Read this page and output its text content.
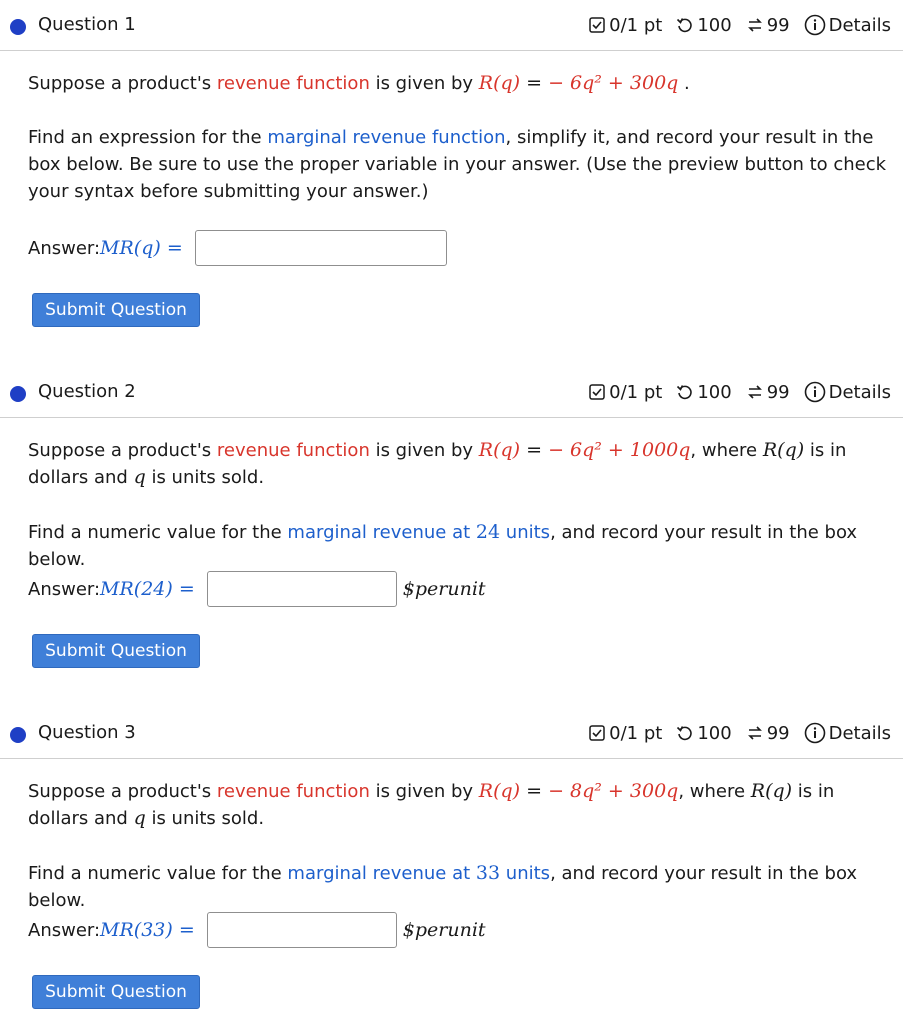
Question 1	0/1 pt 100 99 Details
Suppose a product's revenue function is given by R(q) = − 6q² + 300q .
Find an expression for the marginal revenue function, simplify it, and record your result in the box below. Be sure to use the proper variable in your answer. (Use the preview button to check your syntax before submitting your answer.)
Answer: MR(q) =
Submit Question
Question 2	0/1 pt 100 99 Details
Suppose a product's revenue function is given by R(q) = − 6q² + 1000q, where R(q) is in dollars and q is units sold.
Find a numeric value for the marginal revenue at 24 units, and record your result in the box below.
Answer: MR(24) =	$perunit
Submit Question
Question 3	0/1 pt 100 99 Details
Suppose a product's revenue function is given by R(q) = − 8q² + 300q, where R(q) is in dollars and q is units sold.
Find a numeric value for the marginal revenue at 33 units, and record your result in the box below.
Answer: MR(33) =	$perunit
Submit Question
